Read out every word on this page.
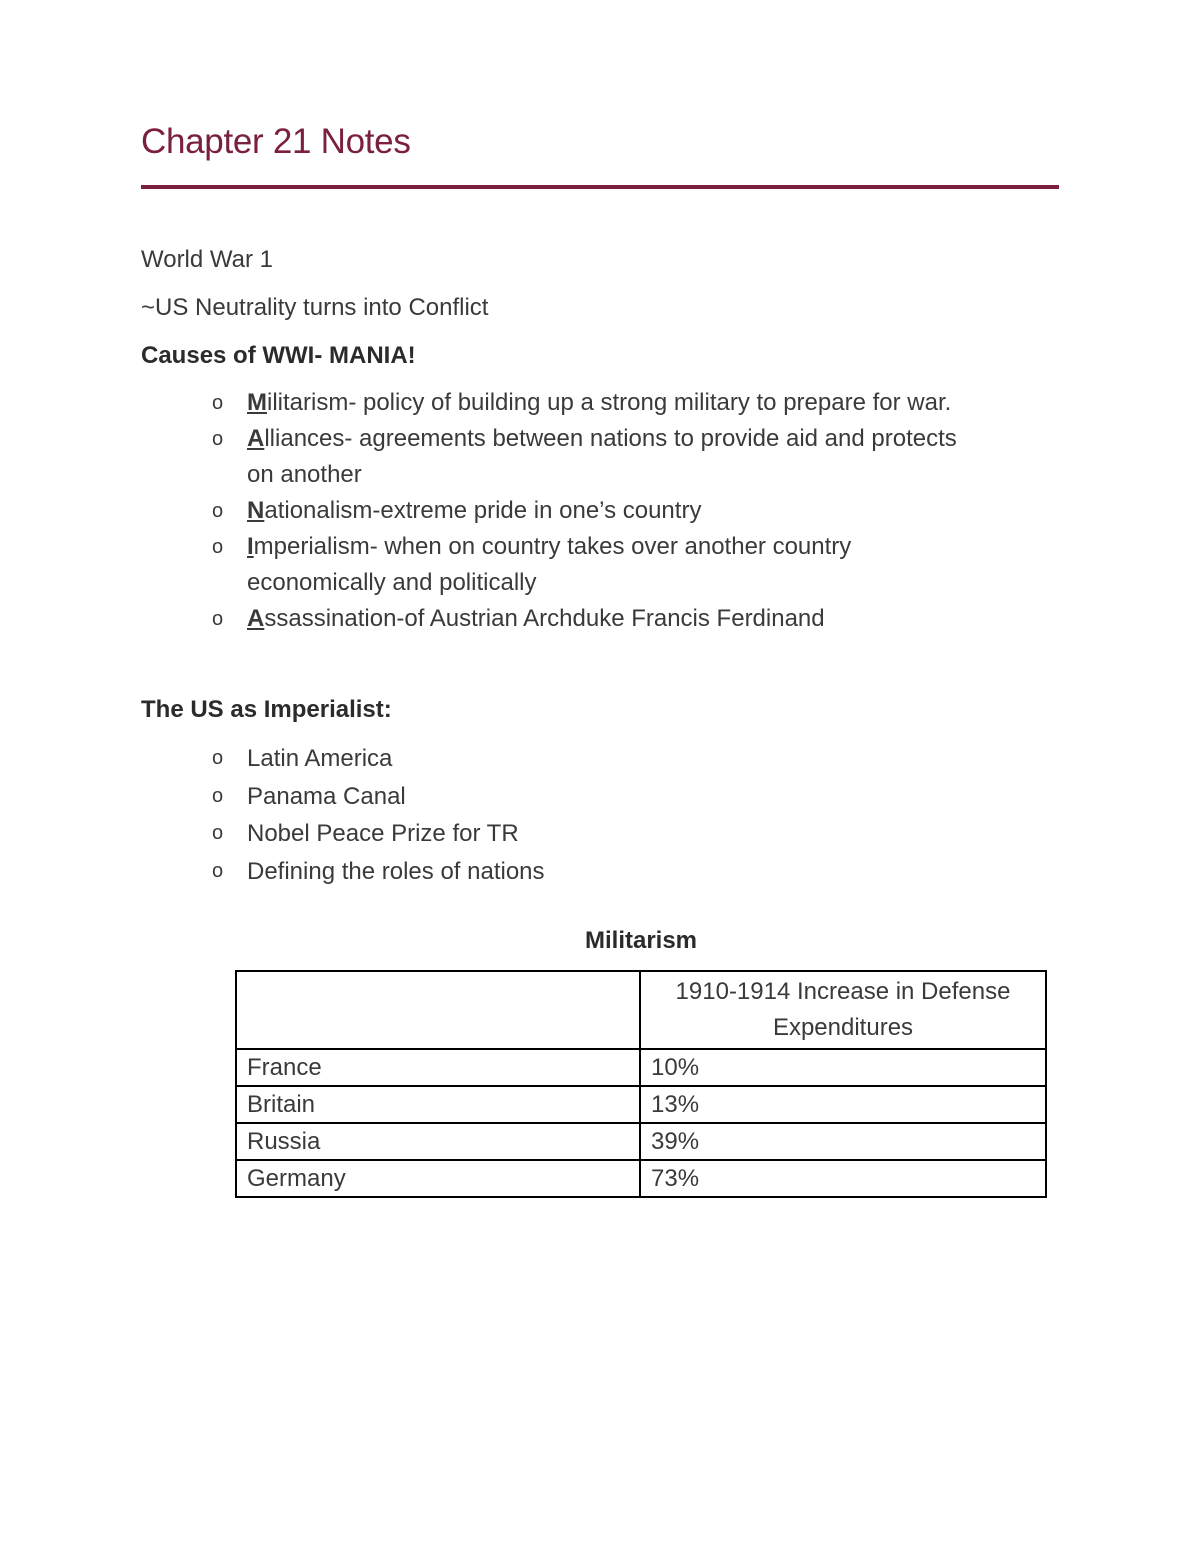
Chapter 21 Notes

World War 1

~US Neutrality turns into Conflict

Causes of WWI- MANIA!

o Militarism- policy of building up a strong military to prepare for war.
o Alliances- agreements between nations to provide aid and protects
on another
o Nationalism-extreme pride in one’s country
o Imperialism- when on country takes over another country
economically and politically
o Assassination-of Austrian Archduke Francis Ferdinand

The US as Imperialist:

o Latin America
o Panama Canal
o Nobel Peace Prize for TR
o Defining the roles of nations
Militarism
	1910-1914 Increase in Defense
Expenditures
France	10%
Britain	13%
Russia	39%
Germany	73%
